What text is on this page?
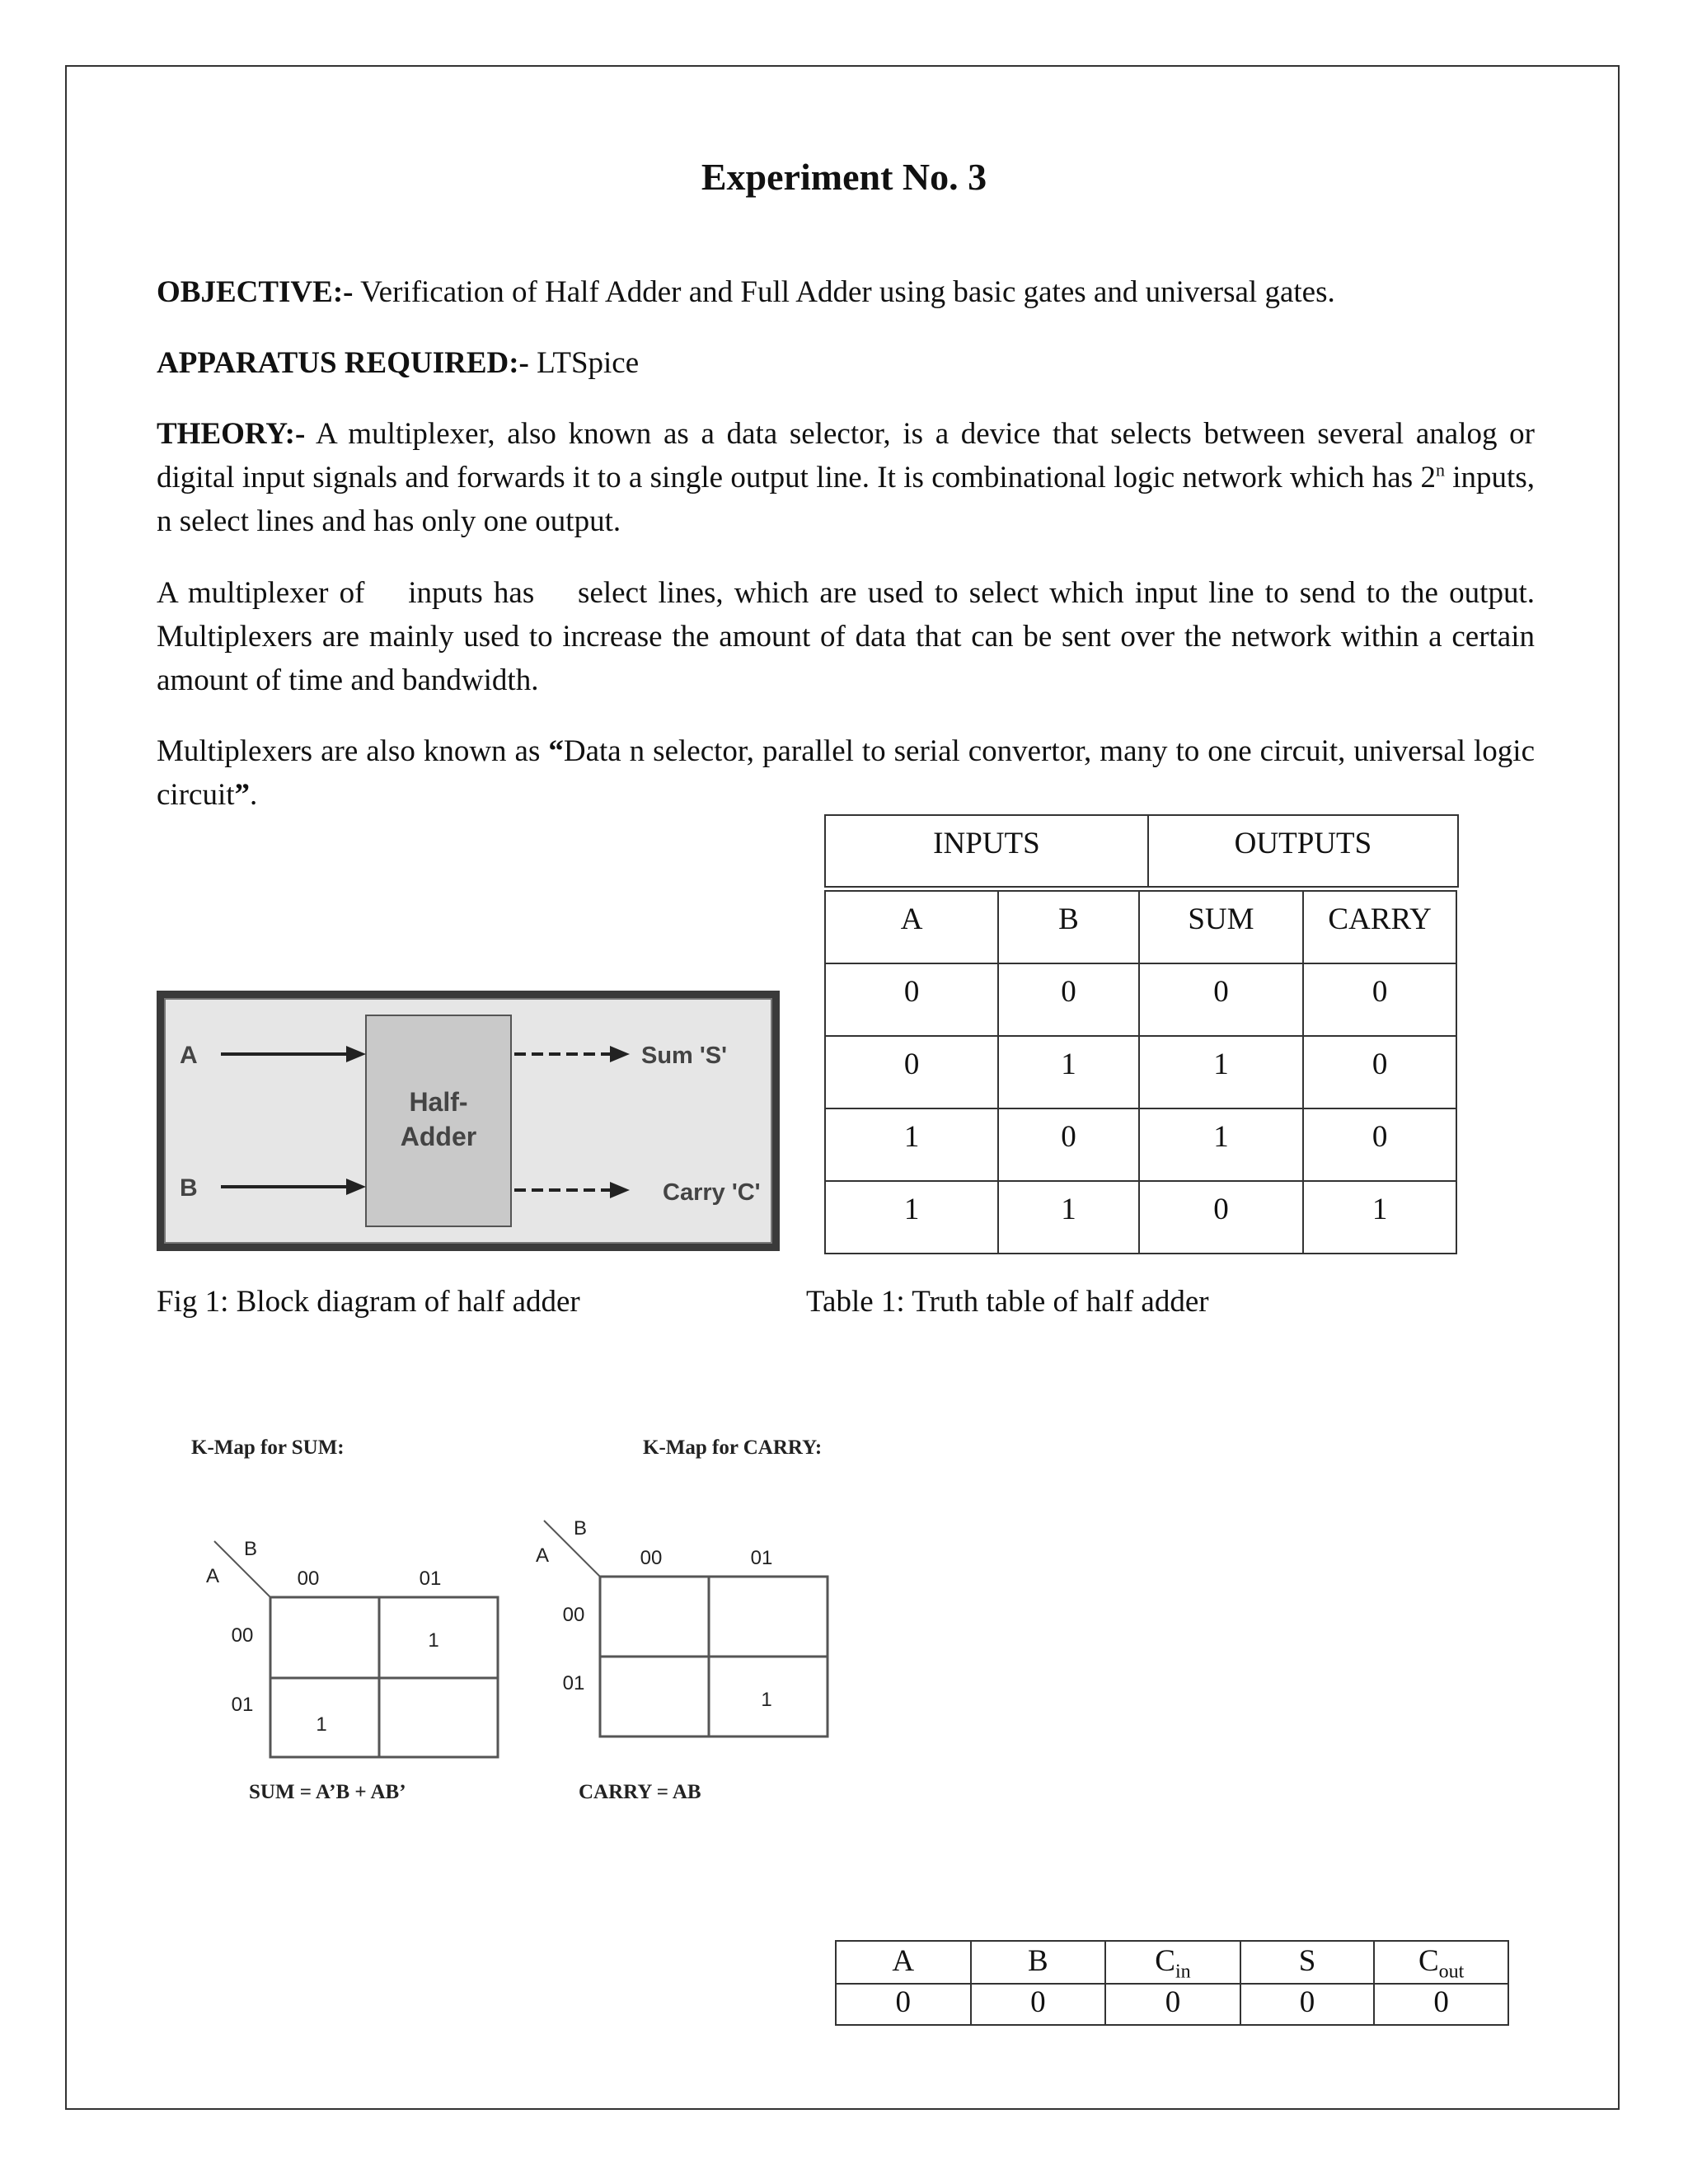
Experiment No. 3
OBJECTIVE:- Verification of Half Adder and Full Adder using basic gates and universal gates.
APPARATUS REQUIRED:- LTSpice
THEORY:- A multiplexer, also known as a data selector, is a device that selects between several analog or digital input signals and forwards it to a single output line. It is combinational logic network which has 2$^n$ inputs, n select lines and has only one output.
A multiplexer of    inputs has    select lines, which are used to select which input line to send to the output. Multiplexers are mainly used to increase the amount of data that can be sent over the network within a certain amount of time and bandwidth.
Multiplexers are also known as “Data n selector, parallel to serial convertor, many to one circuit, universal logic circuit”.
Half-
Adder
A
B
Sum 'S'
Carry 'C'
INPUTS	OUTPUTS
A	B	SUM	CARRY
0	0	0	0
0	1	1	0
1	0	1	0
1	1	0	1
Fig 1: Block diagram of half adder	Table 1: Truth table of half adder
K-Map for SUM:
B
A	00	01
00
01
1
1
SUM = A’B + AB’
K-Map for CARRY:
B
A	00	01
00
01
1
CARRY = AB
A	B	$C_{in}$	S	$C_{out}$
0	0	0	0	0
